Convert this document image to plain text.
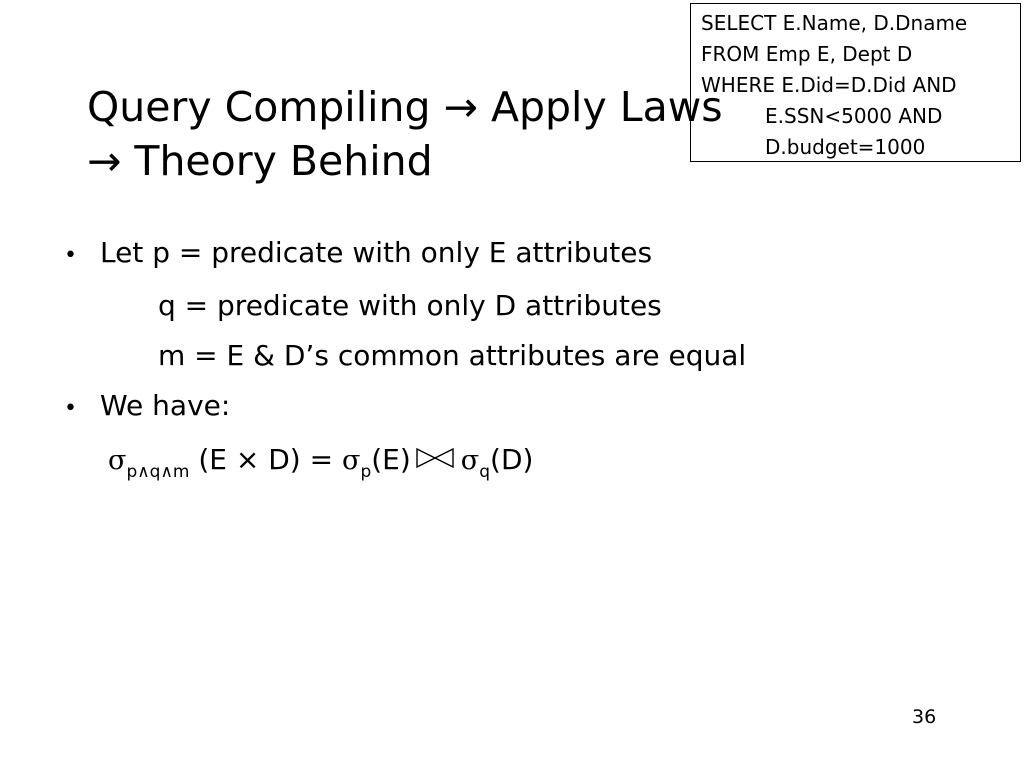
SELECT E.Name, D.Dname
FROM Emp E, Dept D
WHERE E.Did=D.Did AND
E.SSN<5000 AND
D.budget=1000
Query Compiling → Apply Laws
→ Theory Behind
• Let p = predicate with only E attributes
q = predicate with only D attributes
m = E & D’s common attributes are equal
• We have:
σ p∧q∧m (E × D) = σ p (E) σ q (D)
36
